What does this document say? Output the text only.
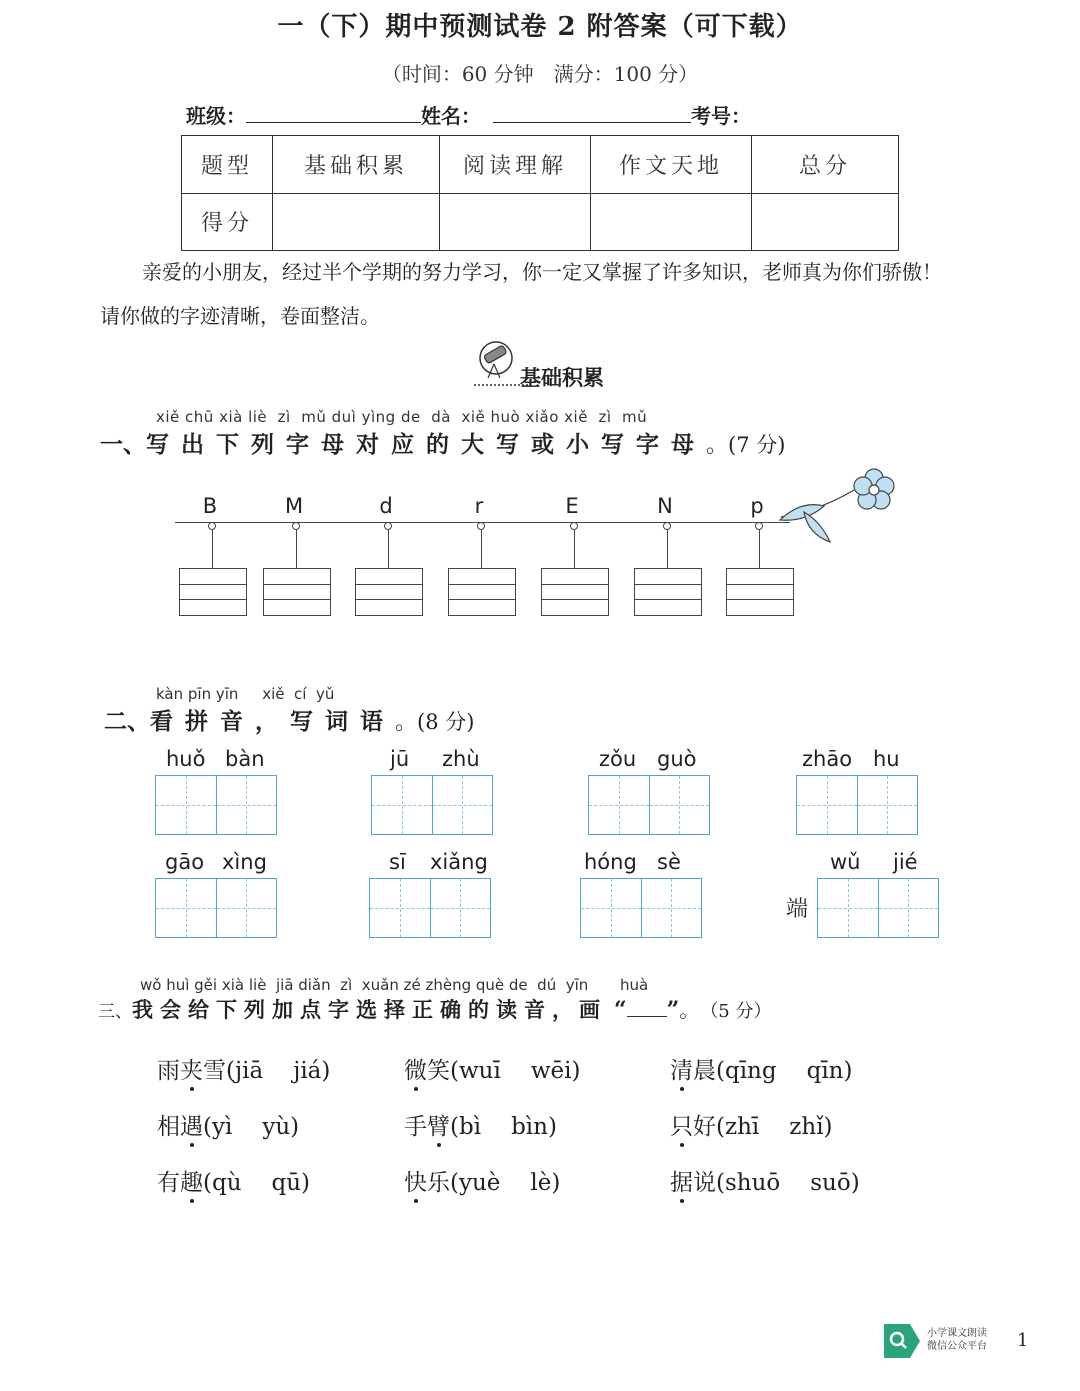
一（下）期中预测试卷 2 附答案（可下载）
（时间：60 分钟　满分：100 分）
班级：	姓名：	考号：
题型	基础积累	阅读理解	作文天地	总分
得分				
亲爱的小朋友，经过半个学期的努力学习，你一定又掌握了许多知识，老师真为你们骄傲！
请你做的字迹清晰，卷面整洁。
基础积累
xiě chū xià liè  zì  mǔ duì yìng de  dà  xiě huò xiǎo xiě  zì  mǔ
一、写出下列字母对应的大写或小写字母。(7 分)
B	M	d	r	E	N	p
kàn pīn yīn     xiě  cí  yǔ
二、看拼音，写词语。(8 分)
huǒ bàn	jū zhù	zǒu guò	zhāo hu
gāo xìng	sī xiǎng	hóng sè	wǔ jié
端
wǒ huì gěi xià liè  jiā diǎn  zì  xuǎn zé zhèng què de  dú  yīn huà
三、我会给下列加点字选择正确的读音， 画 “ ”。 （5 分）
雨夹雪(jiā jiá)	微笑(wuī wēi)	清晨(qīng qīn)
相遇(yì yù)	手臂(bì bìn)	只好(zhī zhǐ)
有趣(qù qū)	快乐(yuè lè)	据说(shuō suō)
小学课文朗读
微信公众平台 1
